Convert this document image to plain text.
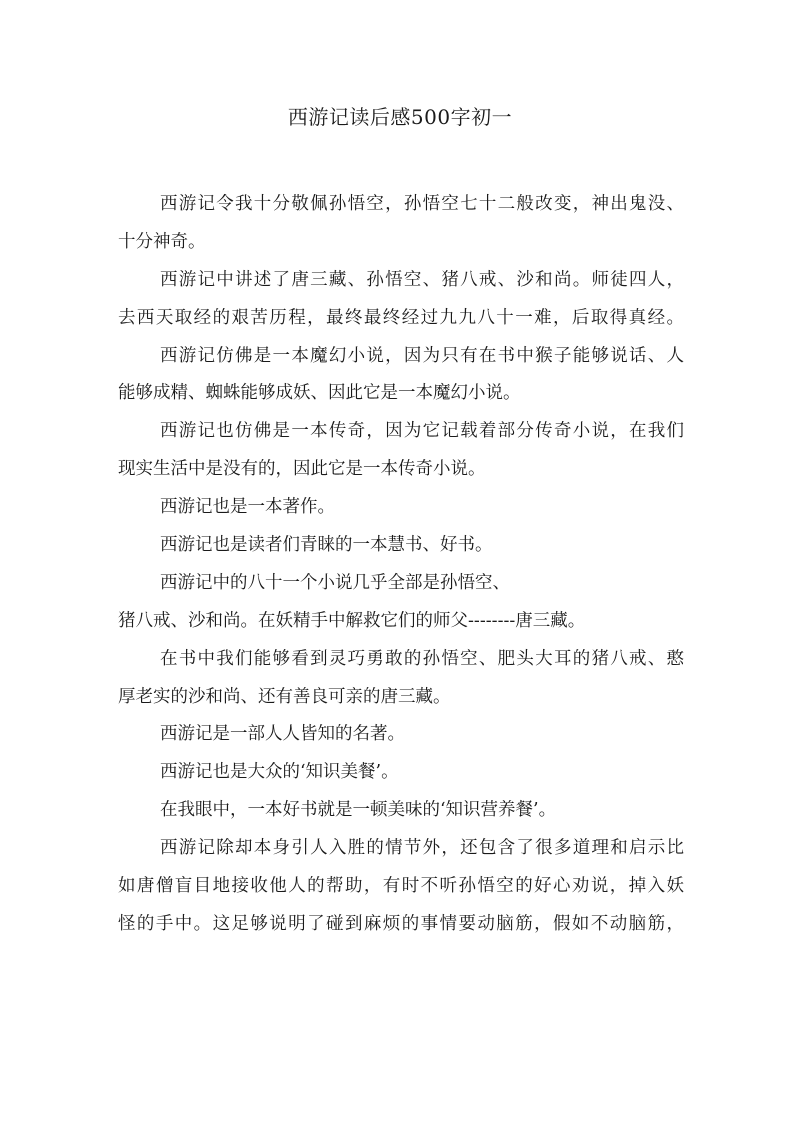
西游记读后感500字初一
西游记令我十分敬佩孙悟空，孙悟空七十二般改变，神出鬼没、
十分神奇。
西游记中讲述了唐三藏、孙悟空、猪八戒、沙和尚。师徒四人，
去西天取经的艰苦历程，最终最终经过九九八十一难，后取得真经。
西游记仿佛是一本魔幻小说，因为只有在书中猴子能够说话、人
能够成精、蜘蛛能够成妖、因此它是一本魔幻小说。
西游记也仿佛是一本传奇，因为它记载着部分传奇小说，在我们
现实生活中是没有的，因此它是一本传奇小说。
西游记也是一本著作。
西游记也是读者们青睐的一本慧书、好书。
西游记中的八十一个小说几乎全部是孙悟空、
猪八戒、沙和尚。在妖精手中解救它们的师父--------唐三藏。
在书中我们能够看到灵巧勇敢的孙悟空、肥头大耳的猪八戒、憨
厚老实的沙和尚、还有善良可亲的唐三藏。
西游记是一部人人皆知的名著。
西游记也是大众的‘知识美餐’。
在我眼中，一本好书就是一顿美味的‘知识营养餐’。
西游记除却本身引人入胜的情节外，还包含了很多道理和启示比
如唐僧盲目地接收他人的帮助，有时不听孙悟空的好心劝说，掉入妖
怪的手中。这足够说明了碰到麻烦的事情要动脑筋，假如不动脑筋，
